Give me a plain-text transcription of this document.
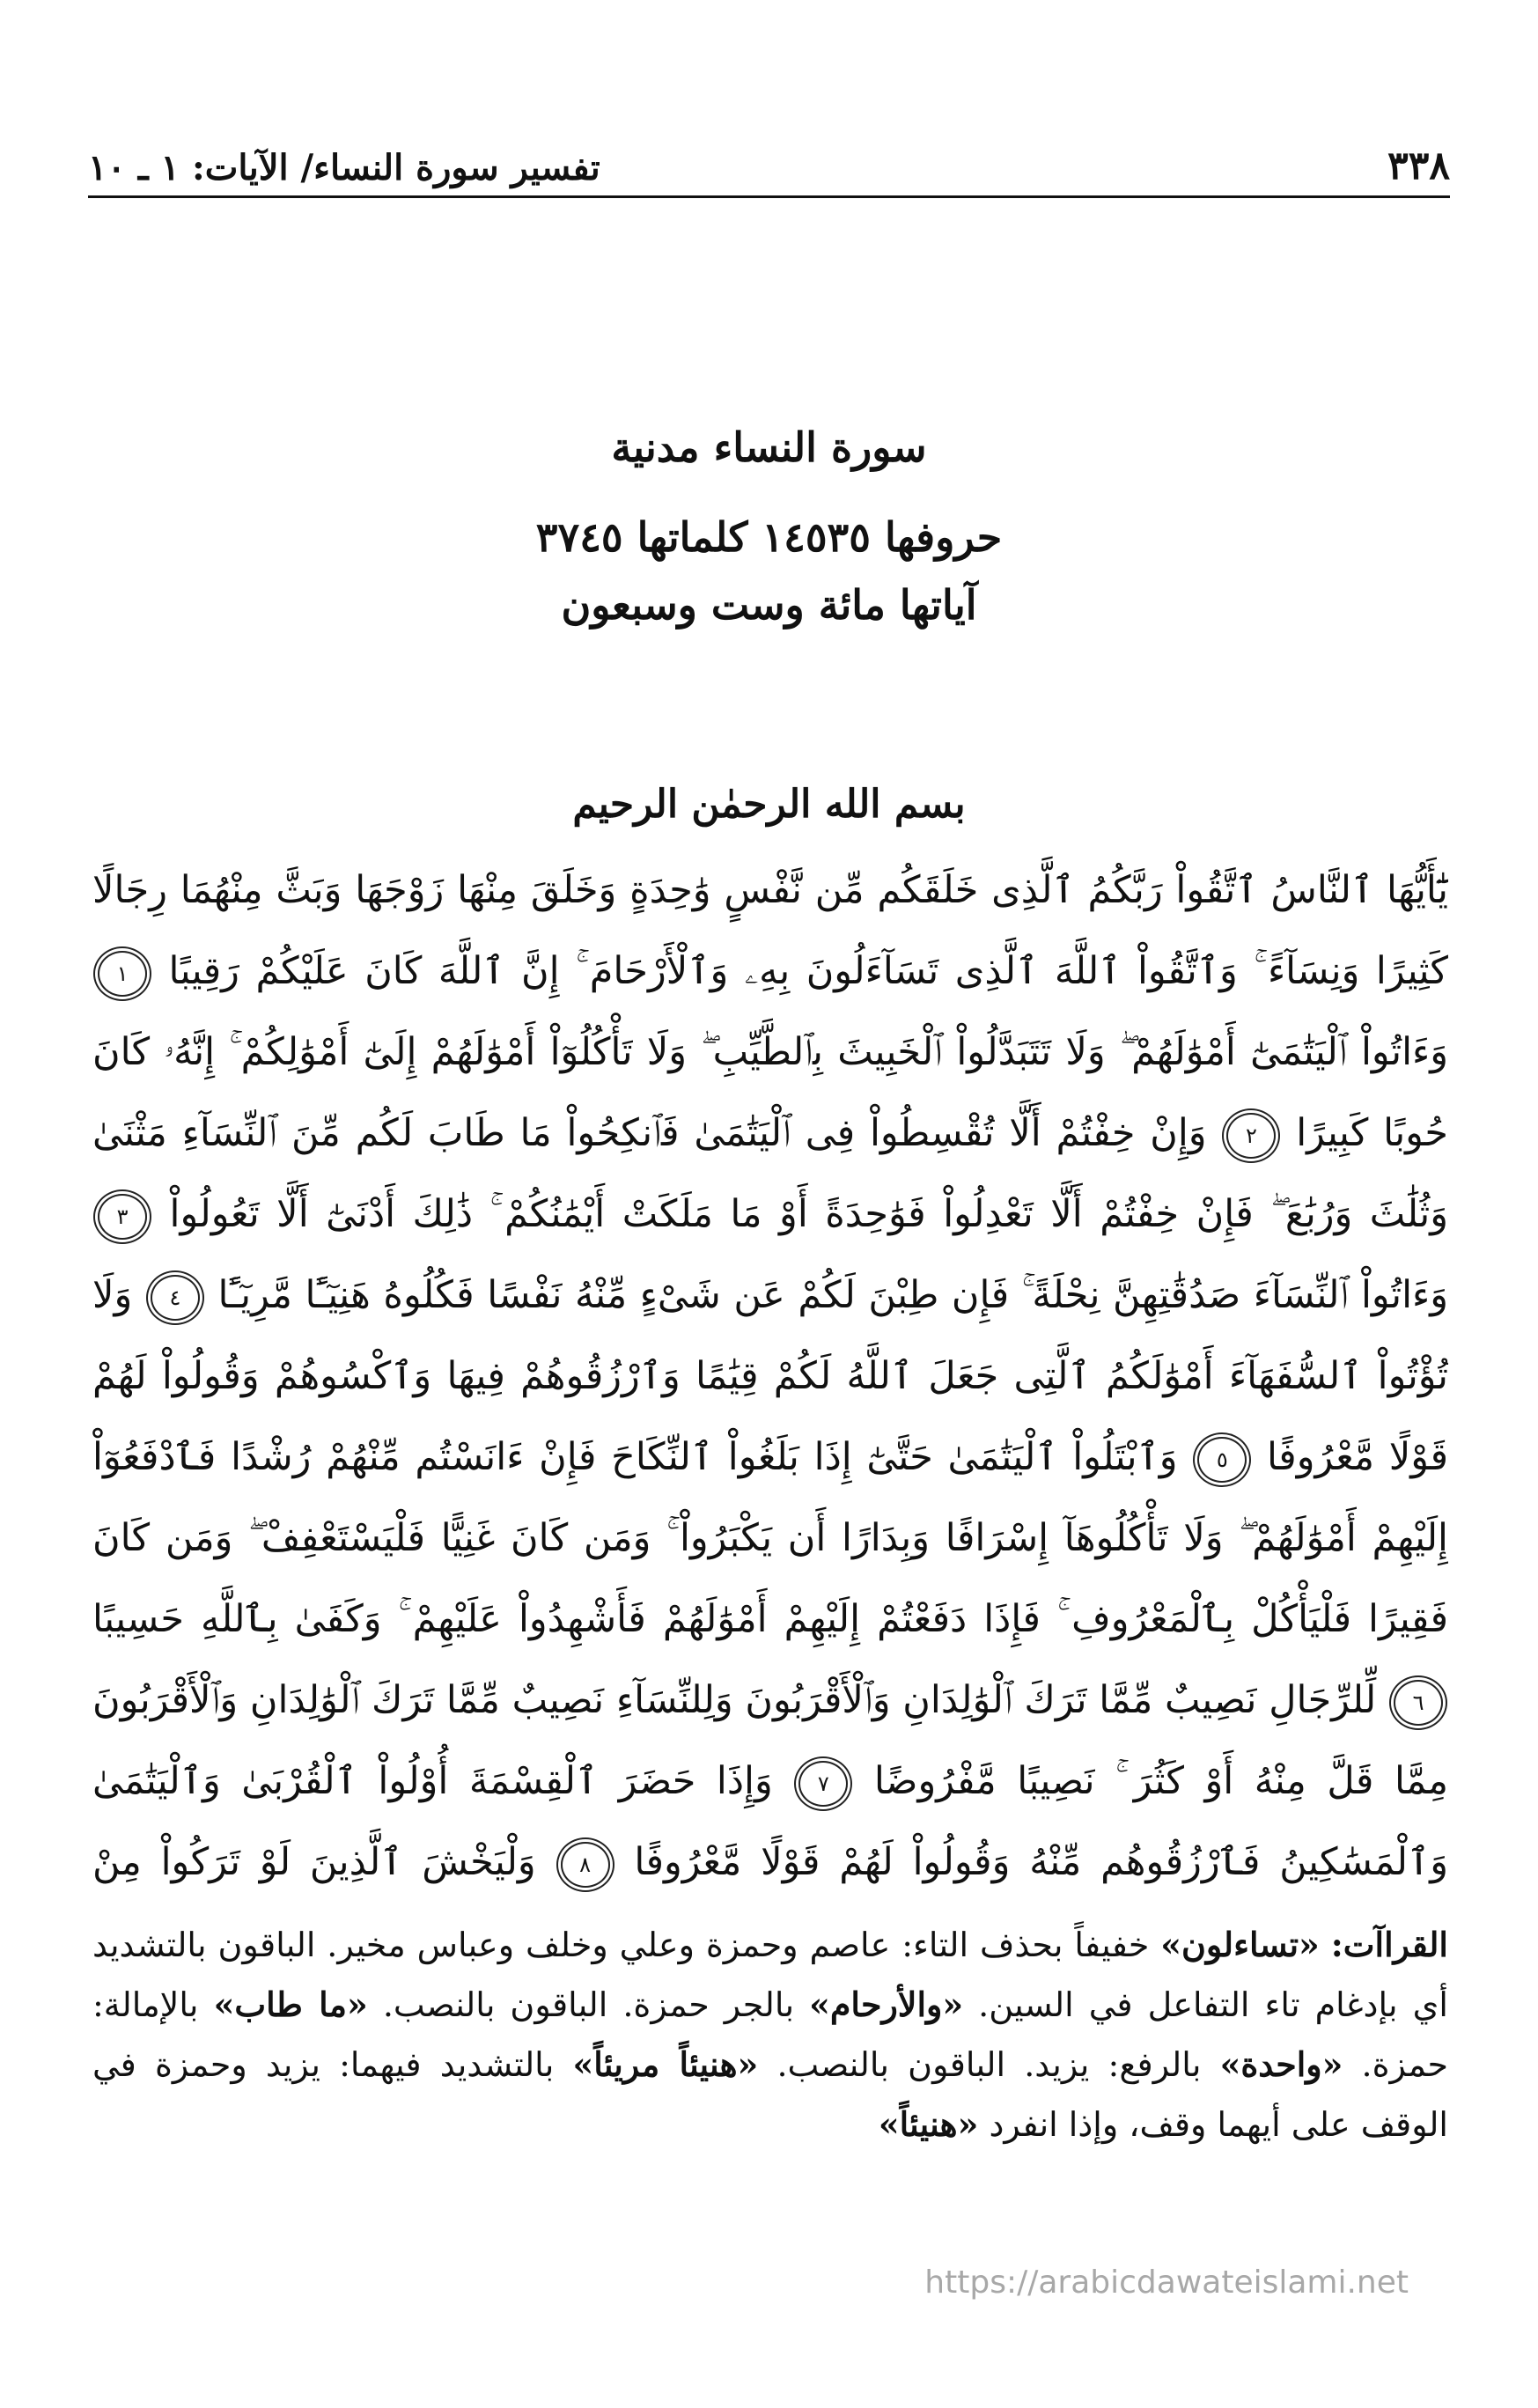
٣٣٨
تفسير سورة النساء/ الآيات: ١ ـ ١٠
سورة النساء مدنية
حروفها ١٤٥٣٥ كلماتها ٣٧٤٥
آياتها مائة وست وسبعون
بسم الله الرحمٰن الرحيم
يَٰٓأَيُّهَا ٱلنَّاسُ ٱتَّقُواْ رَبَّكُمُ ٱلَّذِى خَلَقَكُم مِّن نَّفْسٍ وَٰحِدَةٍ وَخَلَقَ مِنْهَا زَوْجَهَا وَبَثَّ مِنْهُمَا رِجَالًا كَثِيرًا وَنِسَآءً ۚ وَٱتَّقُواْ ٱللَّهَ ٱلَّذِى تَسَآءَلُونَ بِهِۦ وَٱلْأَرْحَامَ ۚ إِنَّ ٱللَّهَ كَانَ عَلَيْكُمْ رَقِيبًا ١ وَءَاتُواْ ٱلْيَتَٰمَىٰٓ أَمْوَٰلَهُمْ ۖ وَلَا تَتَبَدَّلُواْ ٱلْخَبِيثَ بِٱلطَّيِّبِ ۖ وَلَا تَأْكُلُوٓاْ أَمْوَٰلَهُمْ إِلَىٰٓ أَمْوَٰلِكُمْ ۚ إِنَّهُۥ كَانَ حُوبًا كَبِيرًا ٢ وَإِنْ خِفْتُمْ أَلَّا تُقْسِطُواْ فِى ٱلْيَتَٰمَىٰ فَٱنكِحُواْ مَا طَابَ لَكُم مِّنَ ٱلنِّسَآءِ مَثْنَىٰ وَثُلَٰثَ وَرُبَٰعَ ۖ فَإِنْ خِفْتُمْ أَلَّا تَعْدِلُواْ فَوَٰحِدَةً أَوْ مَا مَلَكَتْ أَيْمَٰنُكُمْ ۚ ذَٰلِكَ أَدْنَىٰٓ أَلَّا تَعُولُواْ ٣ وَءَاتُواْ ٱلنِّسَآءَ صَدُقَٰتِهِنَّ نِحْلَةً ۚ فَإِن طِبْنَ لَكُمْ عَن شَىْءٍ مِّنْهُ نَفْسًا فَكُلُوهُ هَنِيٓـًٔا مَّرِيٓـًٔا ٤ وَلَا تُؤْتُواْ ٱلسُّفَهَآءَ أَمْوَٰلَكُمُ ٱلَّتِى جَعَلَ ٱللَّهُ لَكُمْ قِيَٰمًا وَٱرْزُقُوهُمْ فِيهَا وَٱكْسُوهُمْ وَقُولُواْ لَهُمْ قَوْلًا مَّعْرُوفًا ٥ وَٱبْتَلُواْ ٱلْيَتَٰمَىٰ حَتَّىٰٓ إِذَا بَلَغُواْ ٱلنِّكَاحَ فَإِنْ ءَانَسْتُم مِّنْهُمْ رُشْدًا فَٱدْفَعُوٓاْ إِلَيْهِمْ أَمْوَٰلَهُمْ ۖ وَلَا تَأْكُلُوهَآ إِسْرَافًا وَبِدَارًا أَن يَكْبَرُواْ ۚ وَمَن كَانَ غَنِيًّا فَلْيَسْتَعْفِفْ ۖ وَمَن كَانَ فَقِيرًا فَلْيَأْكُلْ بِٱلْمَعْرُوفِ ۚ فَإِذَا دَفَعْتُمْ إِلَيْهِمْ أَمْوَٰلَهُمْ فَأَشْهِدُواْ عَلَيْهِمْ ۚ وَكَفَىٰ بِٱللَّهِ حَسِيبًا ٦ لِّلرِّجَالِ نَصِيبٌ مِّمَّا تَرَكَ ٱلْوَٰلِدَانِ وَٱلْأَقْرَبُونَ وَلِلنِّسَآءِ نَصِيبٌ مِّمَّا تَرَكَ ٱلْوَٰلِدَانِ وَٱلْأَقْرَبُونَ مِمَّا قَلَّ مِنْهُ أَوْ كَثُرَ ۚ نَصِيبًا مَّفْرُوضًا ٧ وَإِذَا حَضَرَ ٱلْقِسْمَةَ أُوْلُواْ ٱلْقُرْبَىٰ وَٱلْيَتَٰمَىٰ وَٱلْمَسَٰكِينُ فَٱرْزُقُوهُم مِّنْهُ وَقُولُواْ لَهُمْ قَوْلًا مَّعْرُوفًا ٨ وَلْيَخْشَ ٱلَّذِينَ لَوْ تَرَكُواْ مِنْ
القراآت: «تساءلون» خفيفاً بحذف التاء: عاصم وحمزة وعلي وخلف وعباس مخير. الباقون بالتشديد أي بإدغام تاء التفاعل في السين. «والأرحام» بالجر حمزة. الباقون بالنصب. «ما طاب» بالإمالة: حمزة. «واحدة» بالرفع: يزيد. الباقون بالنصب. «هنيئاً مريئاً» بالتشديد فيهما: يزيد وحمزة في الوقف على أيهما وقف، وإذا انفرد «هنيئاً»
https://arabicdawateislami.net
